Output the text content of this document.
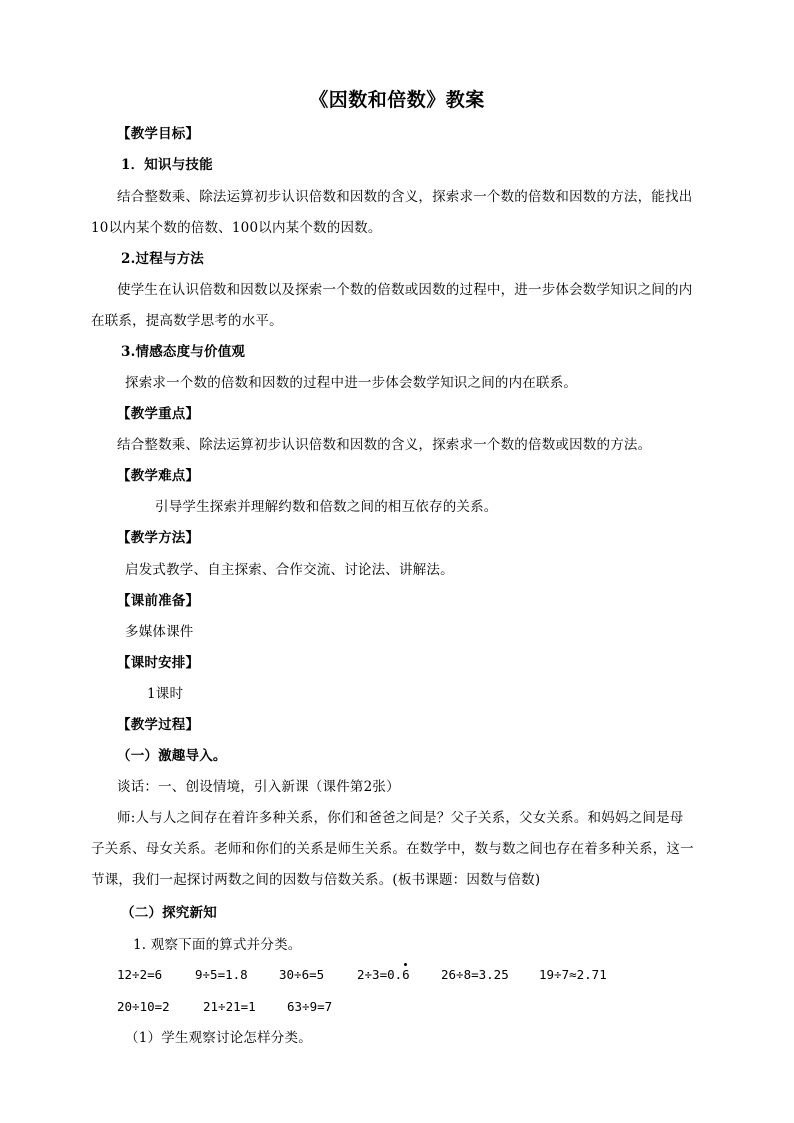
《因数和倍数》教案
【教学目标】
1．知识与技能
结合整数乘、除法运算初步认识倍数和因数的含义，探索求一个数的倍数和因数的方法，能找出
10以内某个数的倍数、100以内某个数的因数。
2.过程与方法
使学生在认识倍数和因数以及探索一个数的倍数或因数的过程中，进一步体会数学知识之间的内
在联系，提高数学思考的水平。
3.情感态度与价值观
探索求一个数的倍数和因数的过程中进一步体会数学知识之间的内在联系。
【教学重点】
结合整数乘、除法运算初步认识倍数和因数的含义，探索求一个数的倍数或因数的方法。
【教学难点】
引导学生探索并理解约数和倍数之间的相互依存的关系。
【教学方法】
启发式教学、自主探索、合作交流、讨论法、讲解法。
【课前准备】
多媒体课件
【课时安排】
1课时
【教学过程】
（一）激趣导入。
谈话：一、创设情境，引入新课（课件第2张）
师:人与人之间存在着许多种关系，你们和爸爸之间是？父子关系，父女关系。和妈妈之间是母
子关系、母女关系。老师和你们的关系是师生关系。在数学中，数与数之间也存在着多种关系，这一
节课，我们一起探讨两数之间的因数与倍数关系。(板书课题：因数与倍数)
（二）探究新知
1. 观察下面的算式并分类。
12÷2=6	9÷5=1.8	30÷6=5	2÷3=0.6	26÷8=3.25 19÷7≈2.71
20÷10=2	21÷21=1	63÷9=7
（1）学生观察讨论怎样分类。
